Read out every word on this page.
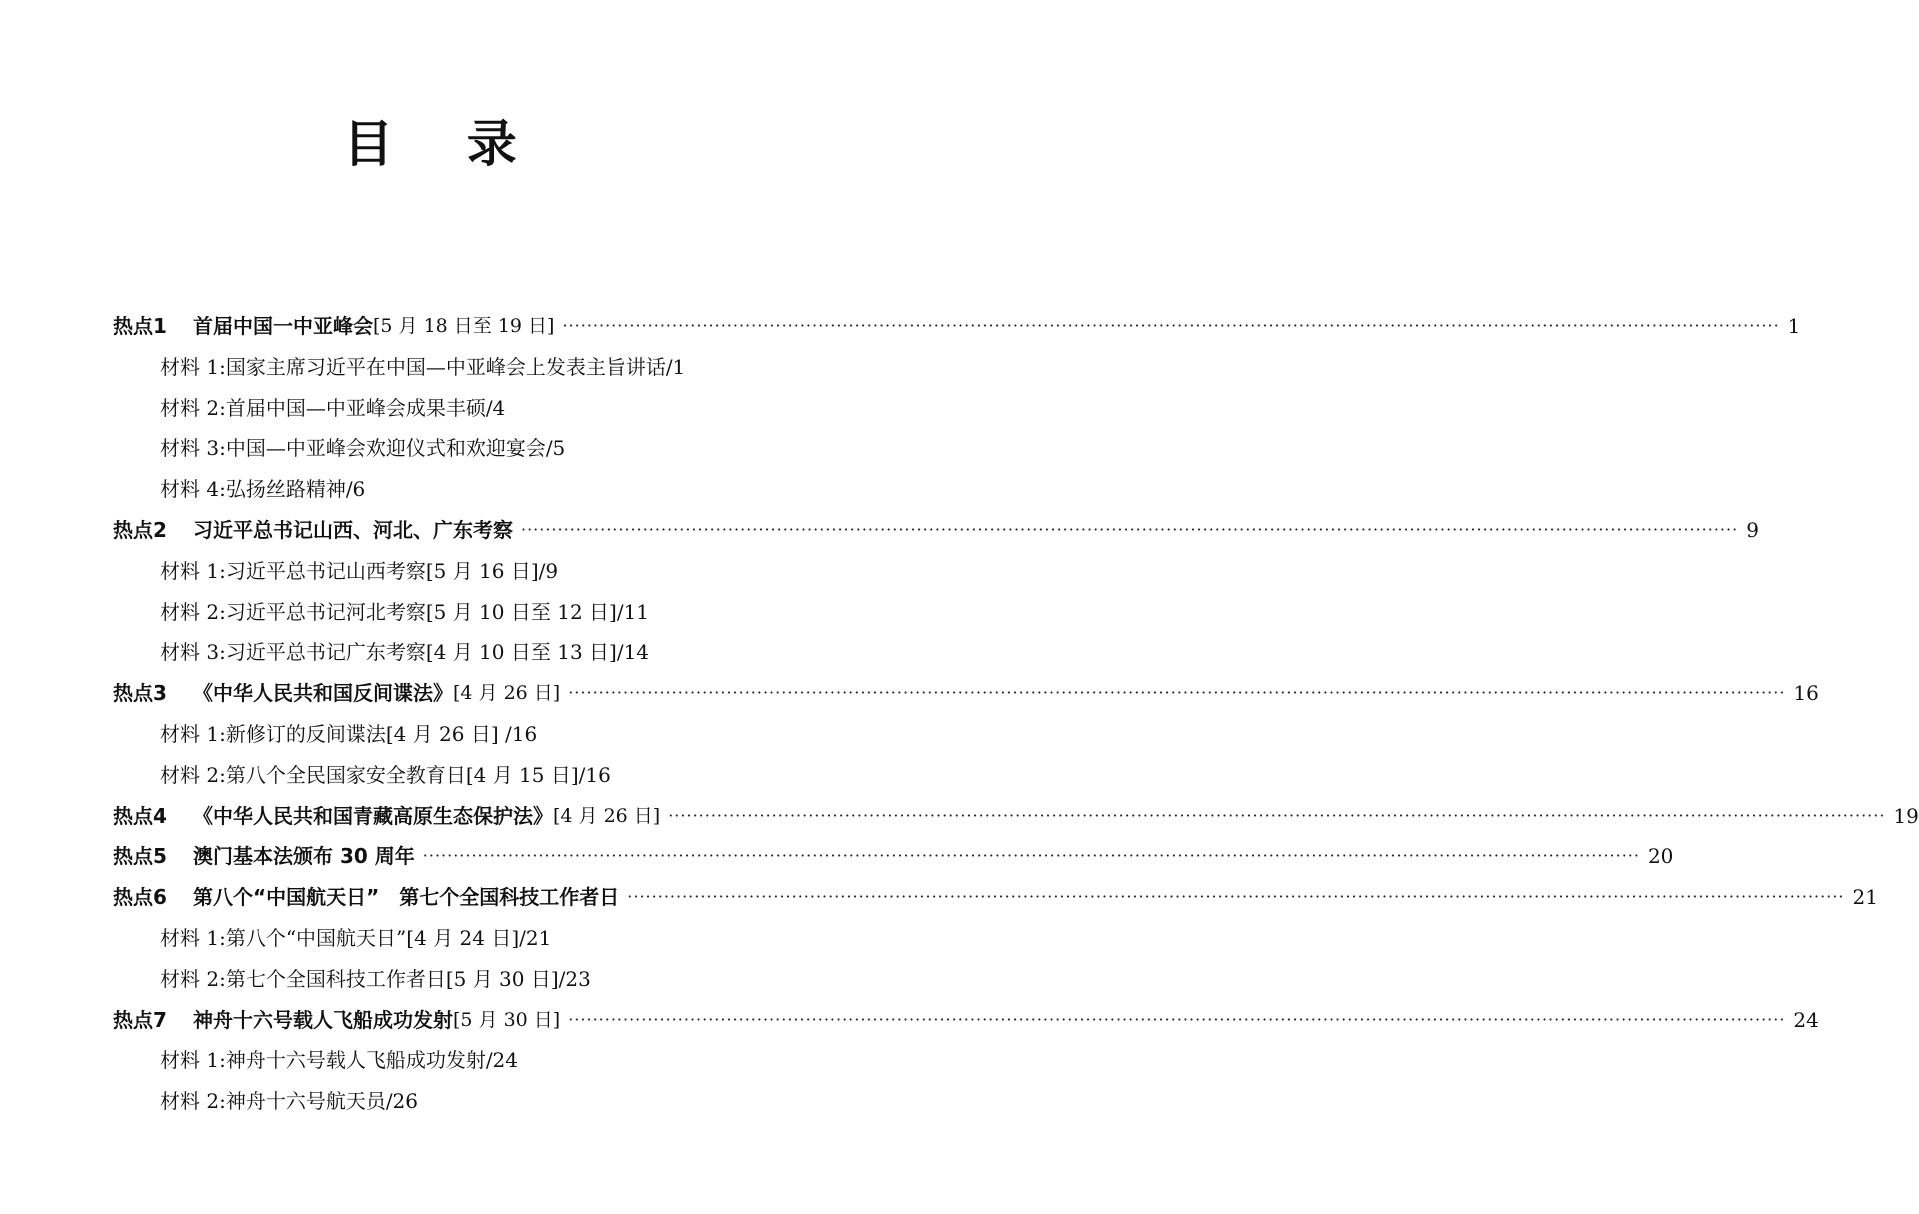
目 录
热点1	首届中国一中亚峰会 [5 月 18 日至 19 日] ········································································································································································································ 1
材料 1:国家主席习近平在中国—中亚峰会上发表主旨讲话/1
材料 2:首届中国—中亚峰会成果丰硕/4
材料 3:中国—中亚峰会欢迎仪式和欢迎宴会/5
材料 4:弘扬丝路精神/6
热点2	习近平总书记山西、河北、广东考察 ········································································································································································································ 9
材料 1:习近平总书记山西考察[5 月 16 日]/9
材料 2:习近平总书记河北考察[5 月 10 日至 12 日]/11
材料 3:习近平总书记广东考察[4 月 10 日至 13 日]/14
热点3	《中华人民共和国反间谍法》 [4 月 26 日] ········································································································································································································ 16
材料 1:新修订的反间谍法[4 月 26 日] /16
材料 2:第八个全民国家安全教育日[4 月 15 日]/16
热点4	《中华人民共和国青藏高原生态保护法》 [4 月 26 日] ········································································································································································································ 19
热点5	澳门基本法颁布 30 周年 ········································································································································································································ 20
热点6	第八个“中国航天日”　第七个全国科技工作者日 ········································································································································································································ 21
材料 1:第八个“中国航天日”[4 月 24 日]/21
材料 2:第七个全国科技工作者日[5 月 30 日]/23
热点7	神舟十六号载人飞船成功发射 [5 月 30 日] ········································································································································································································ 24
材料 1:神舟十六号载人飞船成功发射/24
材料 2:神舟十六号航天员/26
